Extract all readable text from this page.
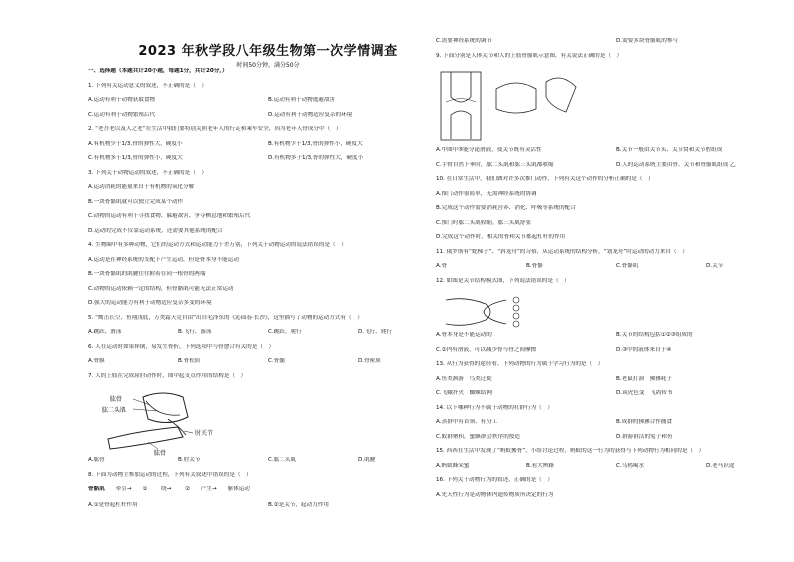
2023 年秋学段八年级生物第一次学情调查
时间50分钟，满分50分
一、选择题（本题共计20小题，每题1分，共计20分，）
1. 下列有关运动意义的叙述，不正确的是（　）
A.运动有利于动物获取食物	B.运动有利于动物逃避敌害
C.运动有利于动物繁殖后代	D.运动有利于动物适应复杂的环境
2. “老吾老以及人之老”在生活中我们要特别关照老年人的行走和乘车安全，因为老年人骨成分中（　）
A.有机物少于1/3,骨的弹性大，硬度小	B.有机物少于1/3,骨的弹性小，硬度大
C.有机物多于1/3,骨的弹性小，硬度大	D.有机物多于1/3,骨的弹性大，硬度小
3. 下列关于动物运动的叙述，不正确的是（　）
A.运动消耗的能量来自于有机物的氧化分解
B.一块骨骼肌就可以独立完成某个动作
C.动物的运动有利于寻找食物、躲避敌害、争夺栖息地和繁殖后代
D.运动的完成不仅靠运动系统，还需要其他系统的配合
4. 生物圈中有多种动物，它们的运动方式和运动能力千差万别，下列关于动物运动的说法错误的是（　）
A.运动是在神经系统的支配下产生运动，但是骨本身不能运动
B.一块骨骼肌的肌腱往往附着在同一根骨的两端
C.动物的运动依赖一定的结构，但骨骼肌可能无法正常运动
D.强大的运动能力有利于动物适应复杂多变的环境
5. “鹰击长空，鱼翔浅底，万类霜天竞自由”出自毛泽东的《沁园春·长沙》，这里描写了动物的运动方式有（　）
A.跳跃、滑泳	B.飞行、游泳	C.跳跃、爬行	D.飞行、爬行
6. 人在运动时如果摔倒，易发生骨折，下列选项中与骨愈合有关的是（　）
A.骨膜	B.骨松质	C.骨髓	D.骨密质
7. 人的上肢在完成屈肘动作时，图中起支点作用的结构是（　）
肱骨
肱二头肌
肘关节
肱骨
A.肱骨	B.肘关节	C.肱二头肌	D.肌腱
8. 下面为动物主参加运动的过程，下列有关叙述中错误的是（　）
骨骼肌 牵引→ ① 绕→ ② 产生→ 躯体运动
A.①是骨起杠杆作用	B.②是关节，起动力作用
C.需要神经系统的调节	D.需要多块骨骼肌的参与
9. 下面分别是人体关节和人的上肢骨骼肌示意图，有关说法正确的是（　）
A.甲图中⑤能分泌滑液，使关节既有灵活性	B.关节一般由关节头、关节窝和关节腔组成
C.手臂自然下垂时，肱二头肌和肱三头肌都收缩	D.人的运动系统主要由骨、关节和骨骼肌组成 乙
10. 在日常生活中，我们做对许多次推门动作，下列有关这个动作的分析正确的是（　）
A.推门动作很简单，无需神经系统的协调
B.完成这个动作需要消耗营养、消化、呼吸等系统的配合
C.推门时肱二头肌收缩，肱三头肌舒张
D.完成这个动作时，相关的骨和关节都起杠杆的作用
11. 俄罗斯有“蛇梯子”、“斜龙舟”的习俗，从运动系统的结构分析，“划龙舟”时运动的动力来自（　）
A.骨	B.骨骼	C.骨骼肌	D.关节
12. 如图是关节结构模式图，下列说法错误的是（　）
A.骨本身是不能运动的	B.关节的结构包括①②③组成的
C.②内有滑液，可以减少骨与骨之间摩擦	D.③中的液体来自于④
13. 从行为获得的途径看，下列动物的行为属于学习行为的是（　）
A.鱼类洄游　鸟类迁徙	B.老鼠打洞　狒狒耗子
C.飞蛾扑火　蜘蛛结网	D.谈虎色变　飞鸽传书
14. 以下哪种行为不属于动物的社群行为（　）
A.蒸群中有首领、有分工	B.成群的狒狒合作捕食
C.蚁群聚积，蜜蜂群会秩序的按造	D.群游群活的兔子和鱼
15. 西西在生活中发现了“蚂蚁搬骨”，小组讨论过程，蚂蚁的这一行为的获得与下列动物行为相同的是（　）
A.蚂蚁蜂采蜜	B.看犬辨路	C.乌鸦喝水	D.老马识途
16. 下列关于动物行为的叙述，正确的是（　）
A.先天性行为是动物体内遗传物质所决定的行为
